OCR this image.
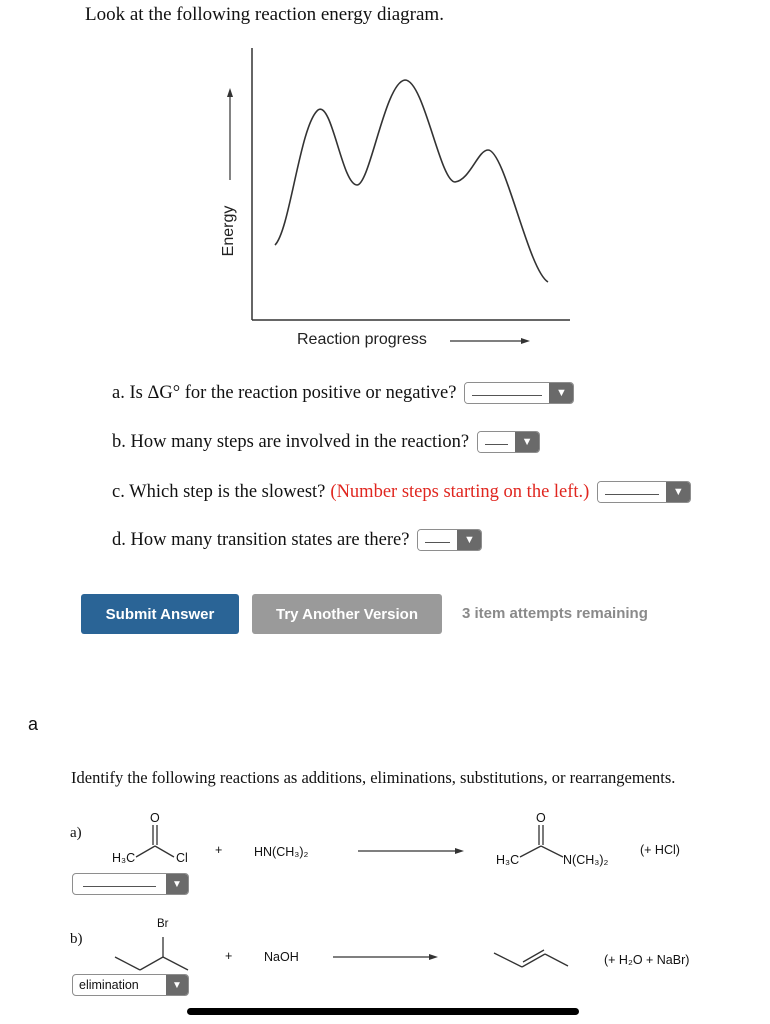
Look at the following reaction energy diagram.
Energy
Reaction progress
a. Is ΔG° for the reaction positive or negative?	▼
b. How many steps are involved in the reaction?	▼
c. Which step is the slowest? (Number steps starting on the left.)	▼
d. How many transition states are there?	▼
Submit Answer	Try Another Version	3 item attempts remaining
a
Identify the following reactions as additions, eliminations, substitutions, or rearrangements.
a)
O
H₃C	Cl
+	HN(CH₃)₂
O
H₃C	N(CH₃)₂
(+ HCl)
▼
b)
Br
+	NaOH	(+ H₂O + NaBr)
elimination	▼
